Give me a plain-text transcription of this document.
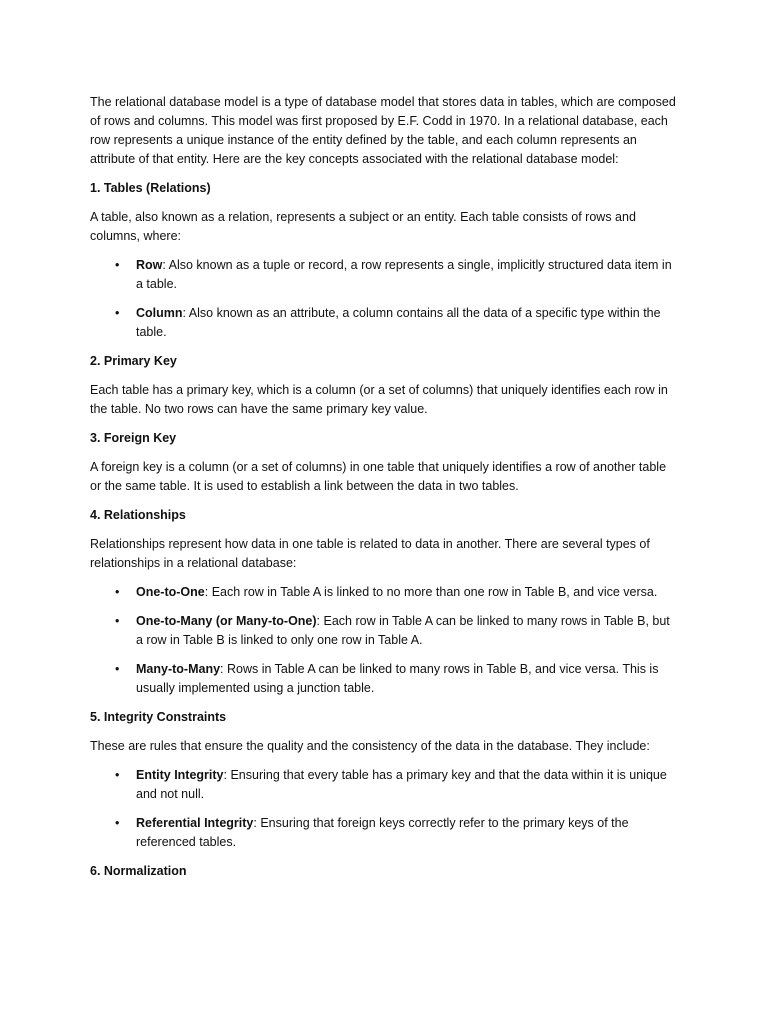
The relational database model is a type of database model that stores data in tables, which are composed of rows and columns. This model was first proposed by E.F. Codd in 1970. In a relational database, each row represents a unique instance of the entity defined by the table, and each column represents an attribute of that entity. Here are the key concepts associated with the relational database model:

1. Tables (Relations)

A table, also known as a relation, represents a subject or an entity. Each table consists of rows and columns, where:

• Row: Also known as a tuple or record, a row represents a single, implicitly structured data item in a table.
• Column: Also known as an attribute, a column contains all the data of a specific type within the table.

2. Primary Key

Each table has a primary key, which is a column (or a set of columns) that uniquely identifies each row in the table. No two rows can have the same primary key value.

3. Foreign Key

A foreign key is a column (or a set of columns) in one table that uniquely identifies a row of another table or the same table. It is used to establish a link between the data in two tables.

4. Relationships

Relationships represent how data in one table is related to data in another. There are several types of relationships in a relational database:

• One-to-One: Each row in Table A is linked to no more than one row in Table B, and vice versa.
• One-to-Many (or Many-to-One): Each row in Table A can be linked to many rows in Table B, but a row in Table B is linked to only one row in Table A.
• Many-to-Many: Rows in Table A can be linked to many rows in Table B, and vice versa. This is usually implemented using a junction table.

5. Integrity Constraints

These are rules that ensure the quality and the consistency of the data in the database. They include:

• Entity Integrity: Ensuring that every table has a primary key and that the data within it is unique and not null.
• Referential Integrity: Ensuring that foreign keys correctly refer to the primary keys of the referenced tables.

6. Normalization
